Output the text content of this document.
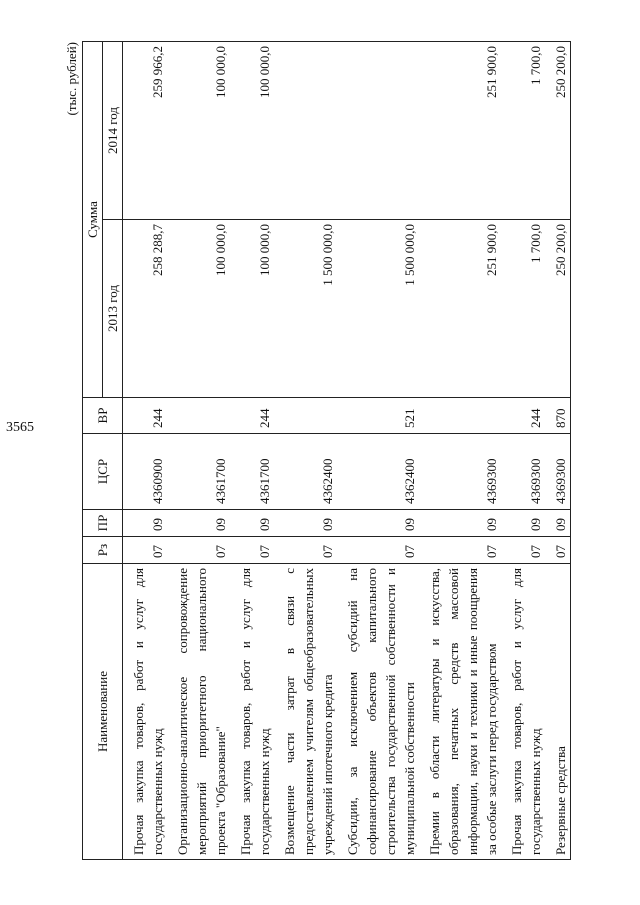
3565
(тыс. рублей)
Наименование	Рз	ПР	ЦСР	ВР	Сумма	
					2013 год	2014 год
Прочая закупка товаров, работ и услуг для государственных нужд	07	09	4360900	244	258 288,7	259 966,2
Организационно-аналитическое сопровождение мероприятий приоритетного национального проекта "Образование"	07	09	4361700		100 000,0	100 000,0
Прочая закупка товаров, работ и услуг для государственных нужд	07	09	4361700	244	100 000,0	100 000,0
Возмещение части затрат в связи с предоставлением учителям общеобразовательных учреждений ипотечного кредита	07	09	4362400		1 500 000,0	
Субсидии, за исключением субсидий на софинансирование объектов капитального строительства государственной собственности и муниципальной собственности	07	09	4362400	521	1 500 000,0	
Премии в области литературы и искусства, образования, печатных средств массовой информации, науки и техники и иные поощрения за особые заслуги перед государством	07	09	4369300		251 900,0	251 900,0
Прочая закупка товаров, работ и услуг для государственных нужд	07	09	4369300	244	1 700,0	1 700,0
Резервные средства	07	09	4369300	870	250 200,0	250 200,0
